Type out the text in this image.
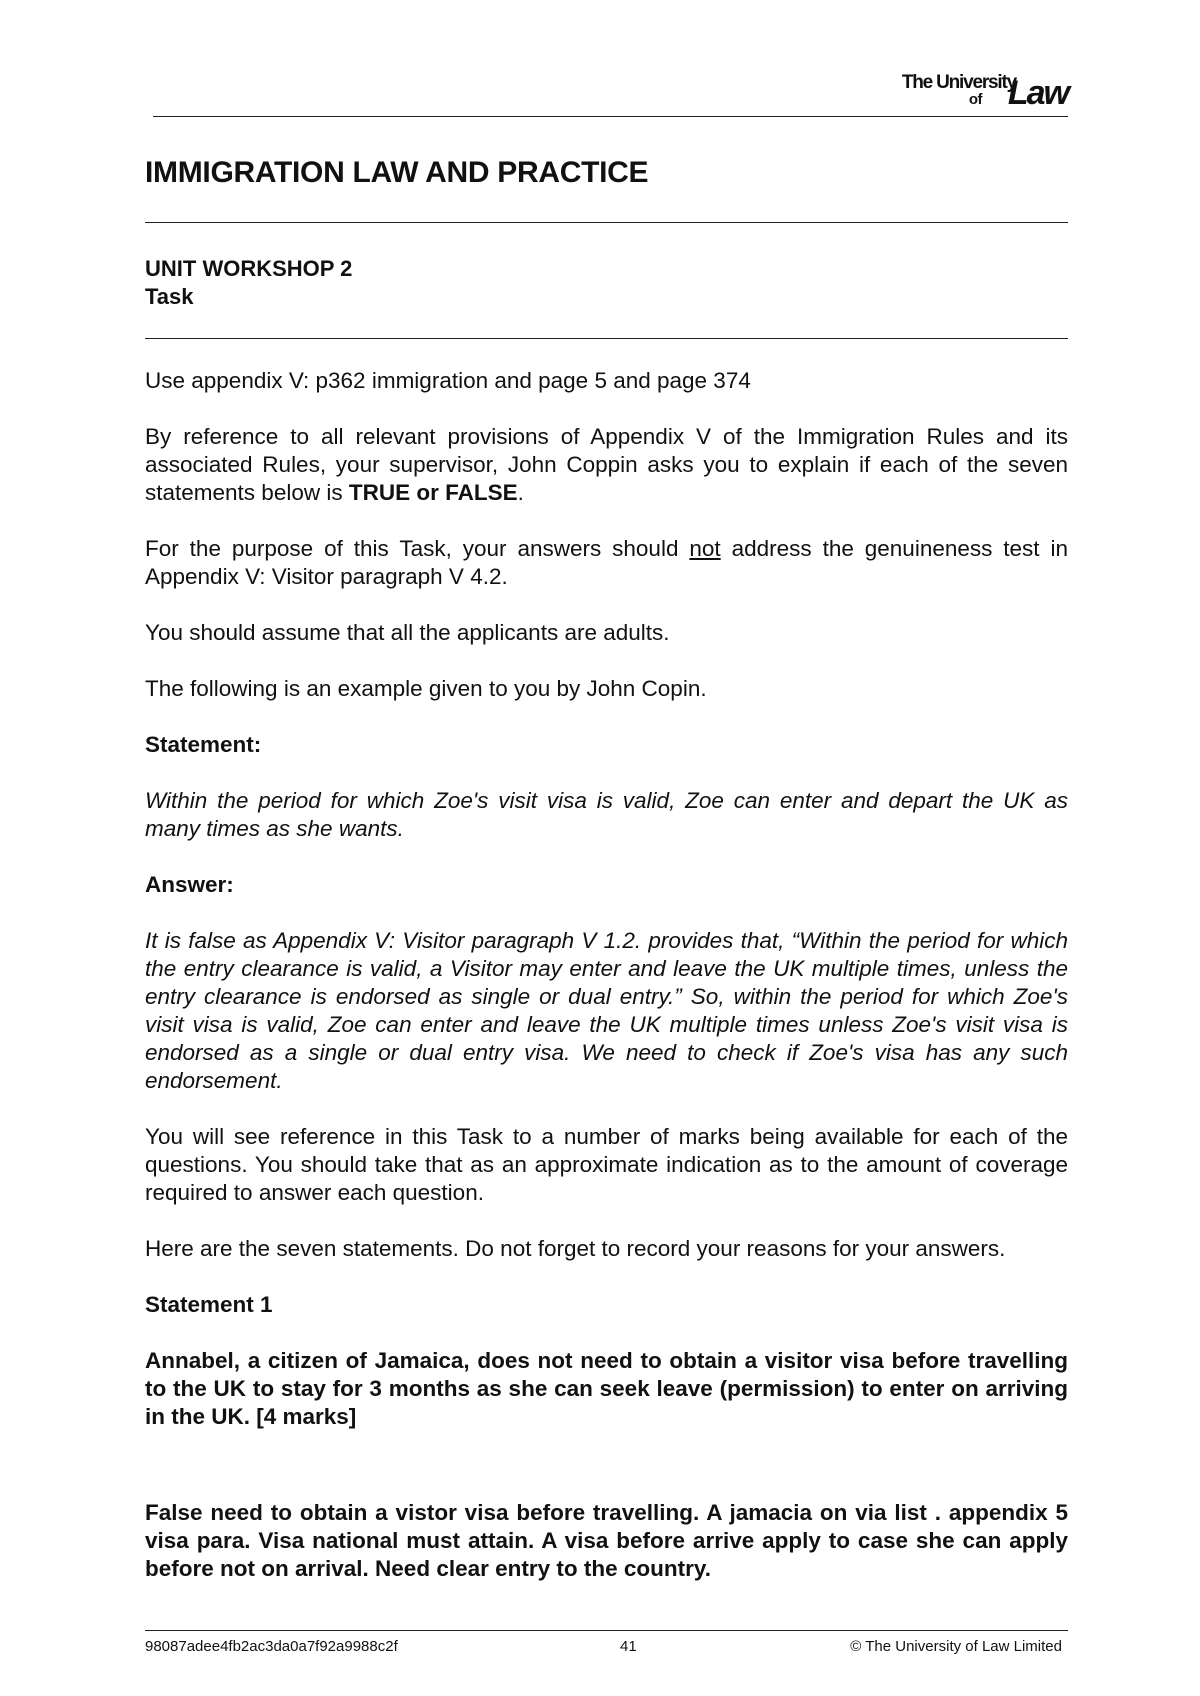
The University
of Law
IMMIGRATION LAW AND PRACTICE
UNIT WORKSHOP 2
Task

Use appendix V: p362 immigration and page 5 and page 374

By reference to all relevant provisions of Appendix V of the Immigration Rules and its associated Rules, your supervisor, John Coppin asks you to explain if each of the seven statements below is TRUE or FALSE.

For the purpose of this Task, your answers should not address the genuineness test in Appendix V: Visitor paragraph V 4.2.

You should assume that all the applicants are adults.

The following is an example given to you by John Copin.

Statement:

Within the period for which Zoe's visit visa is valid, Zoe can enter and depart the UK as many times as she wants.

Answer:

It is false as Appendix V: Visitor paragraph V 1.2. provides that, “Within the period for which the entry clearance is valid, a Visitor may enter and leave the UK multiple times, unless the entry clearance is endorsed as single or dual entry.” So, within the period for which Zoe's visit visa is valid, Zoe can enter and leave the UK multiple times unless Zoe's visit visa is endorsed as a single or dual entry visa. We need to check if Zoe's visa has any such endorsement.

You will see reference in this Task to a number of marks being available for each of the questions. You should take that as an approximate indication as to the amount of coverage required to answer each question.

Here are the seven statements. Do not forget to record your reasons for your answers.

Statement 1

Annabel, a citizen of Jamaica, does not need to obtain a visitor visa before travelling to the UK to stay for 3 months as she can seek leave (permission) to enter on arriving in the UK. [4 marks]

False need to obtain a vistor visa before travelling. A jamacia on via list . appendix 5 visa para. Visa national must attain. A visa before arrive apply to case she can apply before not on arrival. Need clear entry to the country.

98087adee4fb2ac3da0a7f92a9988c2f	41	© The University of Law Limited
